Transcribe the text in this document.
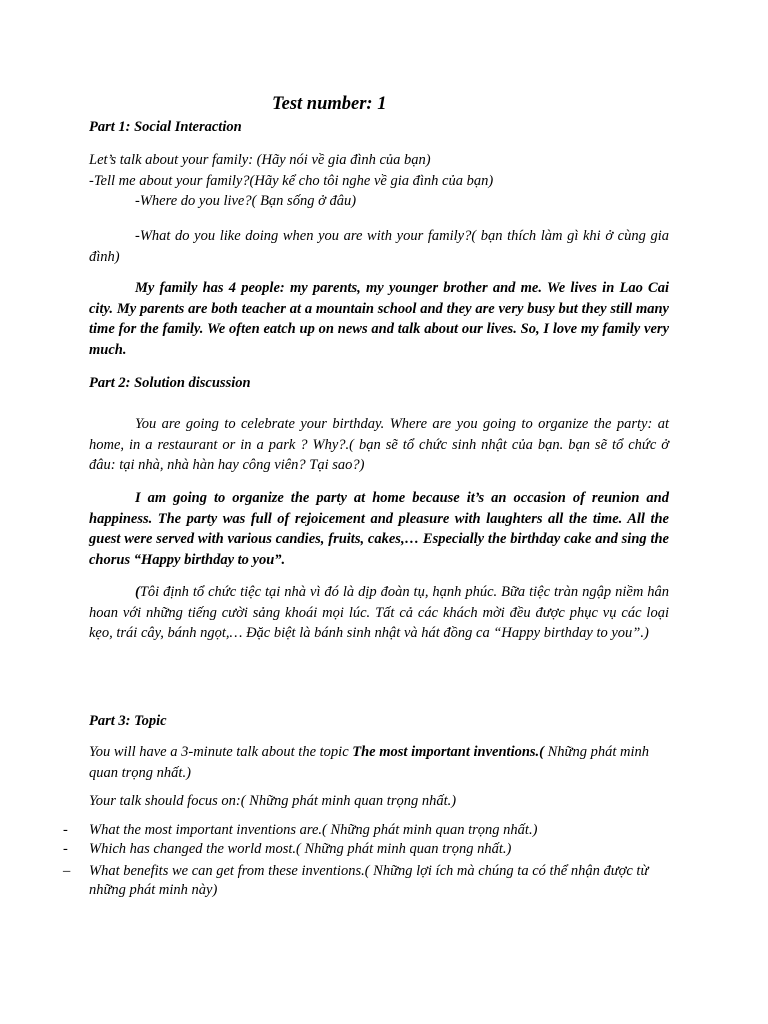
Test number: 1
Part 1: Social Interaction
Let’s talk about your family: (Hãy nói về gia đình của bạn)
-Tell me about your family?(Hãy kể cho tôi nghe về gia đình của bạn)
-Where do you live?( Bạn sống ở đâu)
-What do you like doing when you are with your family?( bạn thích làm gì khi ở cùng gia đình)
My family has 4 people: my parents, my younger brother and me. We lives in Lao Cai city. My parents are both teacher at a mountain school and they are very busy but they still many time for the family. We often eatch up on news and talk about our lives. So, I love my family very much.
Part 2: Solution discussion
You are going to celebrate your birthday. Where are you going to organize the party: at home, in a restaurant or in a park ? Why?.( bạn sẽ tổ chức sinh nhật của bạn. bạn sẽ tổ chức ở đâu: tại nhà, nhà hàn hay công viên? Tại sao?)
I am going to organize the party at home because it’s an occasion of reunion and happiness. The party was full of rejoicement and pleasure with laughters all the time. All the guest were served with various candies, fruits, cakes,… Especially the birthday cake and sing the chorus “Happy birthday to you”.
(Tôi định tổ chức tiệc tại nhà vì đó là dịp đoàn tụ, hạnh phúc. Bữa tiệc tràn ngập niềm hân hoan với những tiếng cười sảng khoái mọi lúc. Tất cả các khách mời đều được phục vụ các loại kẹo, trái cây, bánh ngọt,… Đặc biệt là bánh sinh nhật và hát đồng ca “Happy birthday to you”.)
Part 3: Topic
You will have a 3-minute talk about the topic The most important inventions.( Những phát minh quan trọng nhất.)
Your talk should focus on:( Những phát minh quan trọng nhất.)
- What the most important inventions are.( Những phát minh quan trọng nhất.)
- Which has changed the world most.( Những phát minh quan trọng nhất.)
– What benefits we can get from these inventions.( Những lợi ích mà chúng ta có thể nhận được từ những phát minh này)
